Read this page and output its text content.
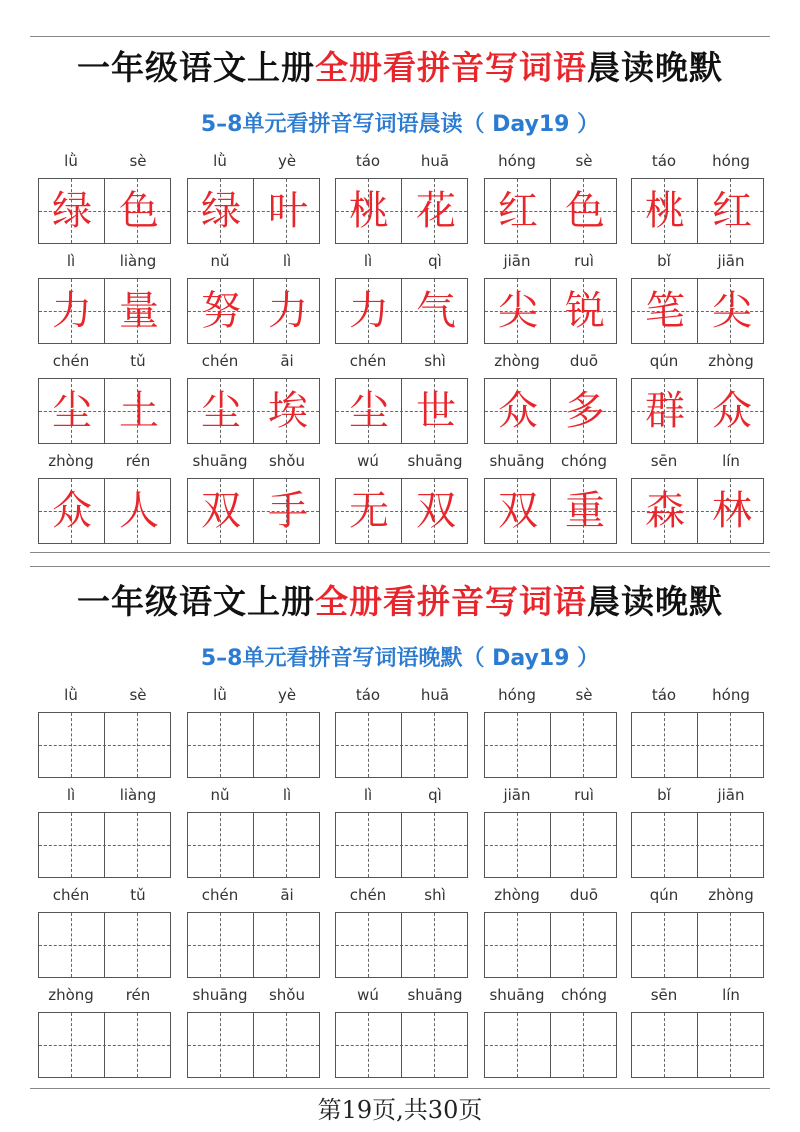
一年级语文上册全册看拼音写词语晨读晚默
5–8单元看拼音写词语晨读（ Day19 ）
lǜ	sè
绿 色
lǜ	yè
绿 叶
táo	huā
桃 花
hóng	sè
红 色
táo	hóng
桃 红
lì	liàng
力 量
nǔ	lì
努 力
lì	qì
力 气
jiān	ruì
尖 锐
bǐ	jiān
笔 尖
chén	tǔ
尘 土
chén	āi
尘 埃
chén	shì
尘 世
zhòng	duō
众 多
qún	zhòng
群 众
zhòng	rén
众 人
shuāng	shǒu
双 手
wú	shuāng
无 双
shuāng	chóng
双 重
sēn	lín
森 林
一年级语文上册全册看拼音写词语晨读晚默
5–8单元看拼音写词语晚默（ Day19 ）
lǜ	sè	lǜ	yè	táo	huā	hóng	sè	táo	hóng
lì	liàng	nǔ	lì	lì	qì	jiān	ruì	bǐ	jiān
chén	tǔ	chén	āi	chén	shì	zhòng	duō	qún	zhòng
zhòng	rén	shuāng	shǒu	wú	shuāng	shuāng	chóng	sēn	lín
第19页,共30页
